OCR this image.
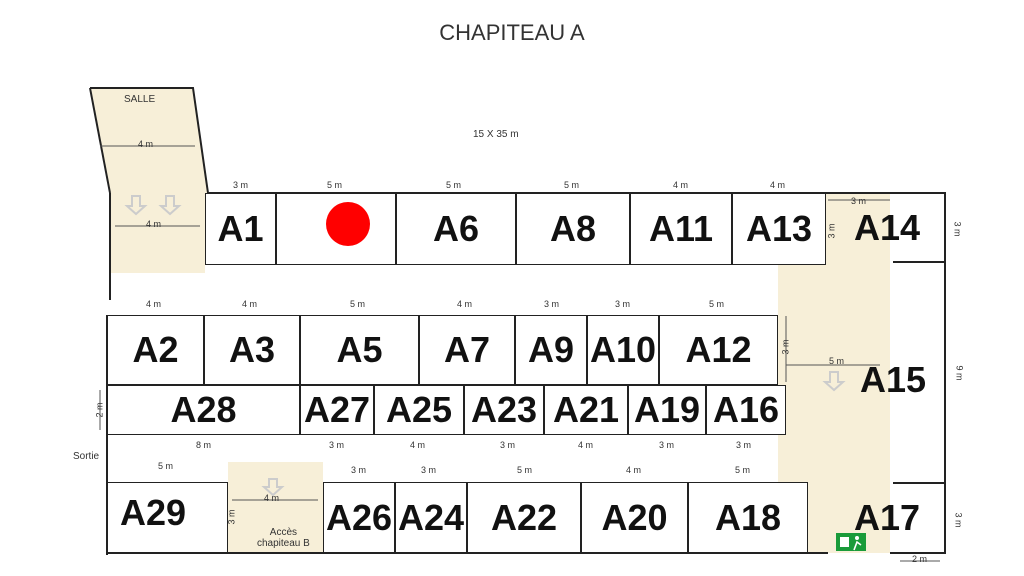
CHAPITEAU A
15 X 35 m
SALLE
Sortie
Accès
chapiteau B
A1	A6 A8 A11 A13 A14
A2 A3 A5 A7 A9 A10 A12
A15
A28 A27 A25 A23 A21 A19 A16
A29	A26 A24 A22 A20 A18 A17
4 m
4 m
3 m	5 m	5 m	5 m	4 m	4 m
3 m
3 m
3 m
4 m	4 m	5 m	4 m	3 m	3 m	5 m
3 m
5 m
9 m
2 m
8 m	3 m	4 m	3 m	4 m	3 m	3 m
5 m
4 m
3 m
3 m	3 m	5 m	4 m	5 m
3 m
2 m
